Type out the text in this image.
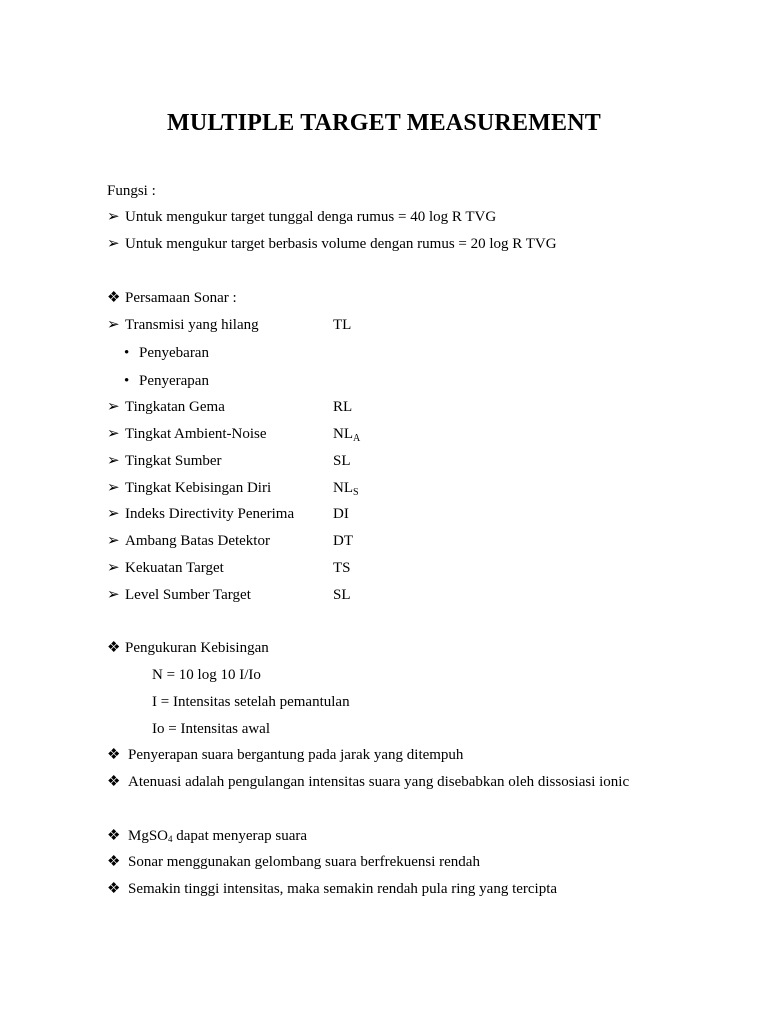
MULTIPLE TARGET MEASUREMENT
Fungsi :
➢ Untuk mengukur target tunggal denga rumus = 40 log R TVG
➢ Untuk mengukur target berbasis volume dengan rumus = 20 log R TVG
❖ Persamaan Sonar :
➢ Transmisi yang hilang	TL
• Penyebaran
• Penyerapan
➢ Tingkatan Gema	RL
➢ Tingkat Ambient-Noise	$NL_A$
➢ Tingkat Sumber	SL
➢ Tingkat Kebisingan Diri	$NL_S$
➢ Indeks Directivity Penerima	DI
➢ Ambang Batas Detektor	DT
➢ Kekuatan Target	TS
➢ Level Sumber Target	SL
❖ Pengukuran Kebisingan
N = 10 log 10 I/Io
I = Intensitas setelah pemantulan
Io = Intensitas awal
❖ Penyerapan suara bergantung pada jarak yang ditempuh
❖ Atenuasi adalah pengulangan intensitas suara yang disebabkan oleh dissosiasi ionic
❖ MgSO4 dapat menyerap suara
❖ Sonar menggunakan gelombang suara berfrekuensi rendah
❖ Semakin tinggi intensitas, maka semakin rendah pula ring yang tercipta
